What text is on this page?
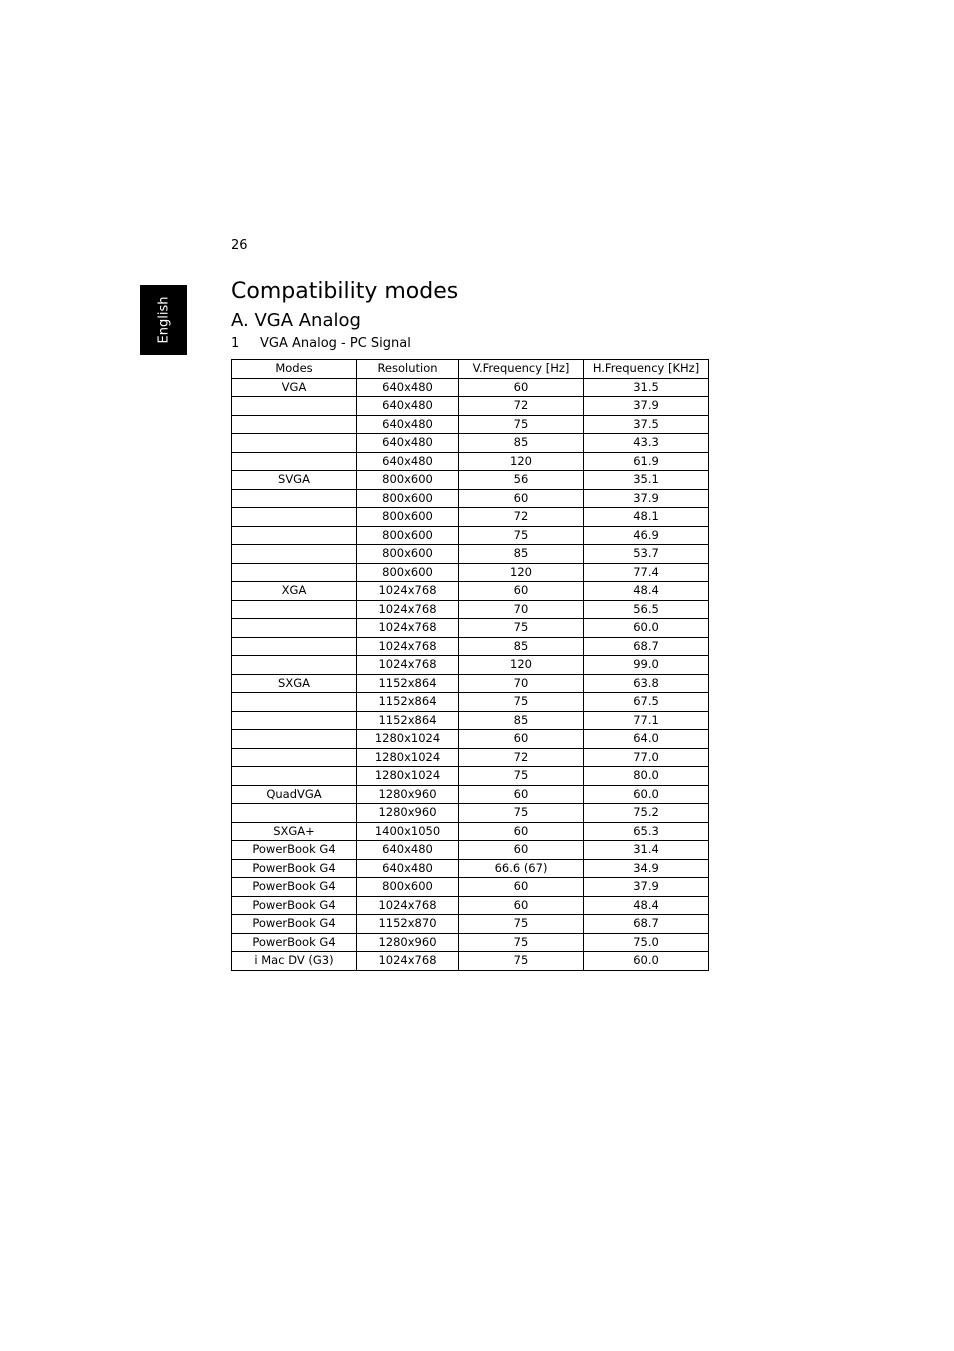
26
English
Compatibility modes
A. VGA Analog
1 VGA Analog - PC Signal
Modes	Resolution	V.Frequency [Hz]	H.Frequency [KHz]
VGA	640x480	60	31.5
	640x480	72	37.9
	640x480	75	37.5
	640x480	85	43.3
	640x480	120	61.9
SVGA	800x600	56	35.1
	800x600	60	37.9
	800x600	72	48.1
	800x600	75	46.9
	800x600	85	53.7
	800x600	120	77.4
XGA	1024x768	60	48.4
	1024x768	70	56.5
	1024x768	75	60.0
	1024x768	85	68.7
	1024x768	120	99.0
SXGA	1152x864	70	63.8
	1152x864	75	67.5
	1152x864	85	77.1
	1280x1024	60	64.0
	1280x1024	72	77.0
	1280x1024	75	80.0
QuadVGA	1280x960	60	60.0
	1280x960	75	75.2
SXGA+	1400x1050	60	65.3
PowerBook G4	640x480	60	31.4
PowerBook G4	640x480	66.6 (67)	34.9
PowerBook G4	800x600	60	37.9
PowerBook G4	1024x768	60	48.4
PowerBook G4	1152x870	75	68.7
PowerBook G4	1280x960	75	75.0
i Mac DV (G3)	1024x768	75	60.0
